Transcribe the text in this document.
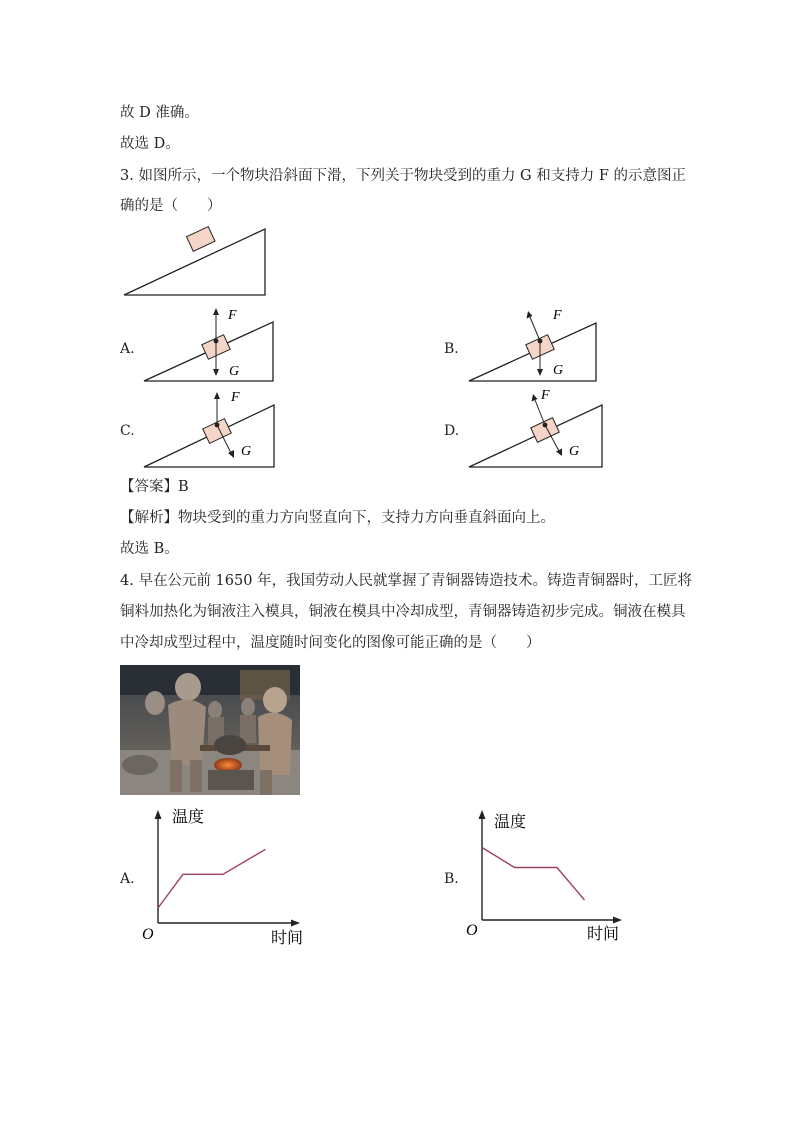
故 D 准确。
故选 D。
3. 如图所示，一个物块沿斜面下滑，下列关于物块受到的重力 G 和支持力 F 的示意图正
确的是（　　）
A.
F
G
B.
F
G
C.
F
G
D.
F
G
【答案】B
【解析】物块受到的重力方向竖直向下，支持力方向垂直斜面向上。
故选 B。
4. 早在公元前 1650 年，我国劳动人民就掌握了青铜器铸造技术。铸造青铜器时，工匠将
铜料加热化为铜液注入模具，铜液在模具中冷却成型，青铜器铸造初步完成。铜液在模具
中冷却成型过程中，温度随时间变化的图像可能正确的是（　　）
A.
温度
时间
O
B.
温度
时间
O
